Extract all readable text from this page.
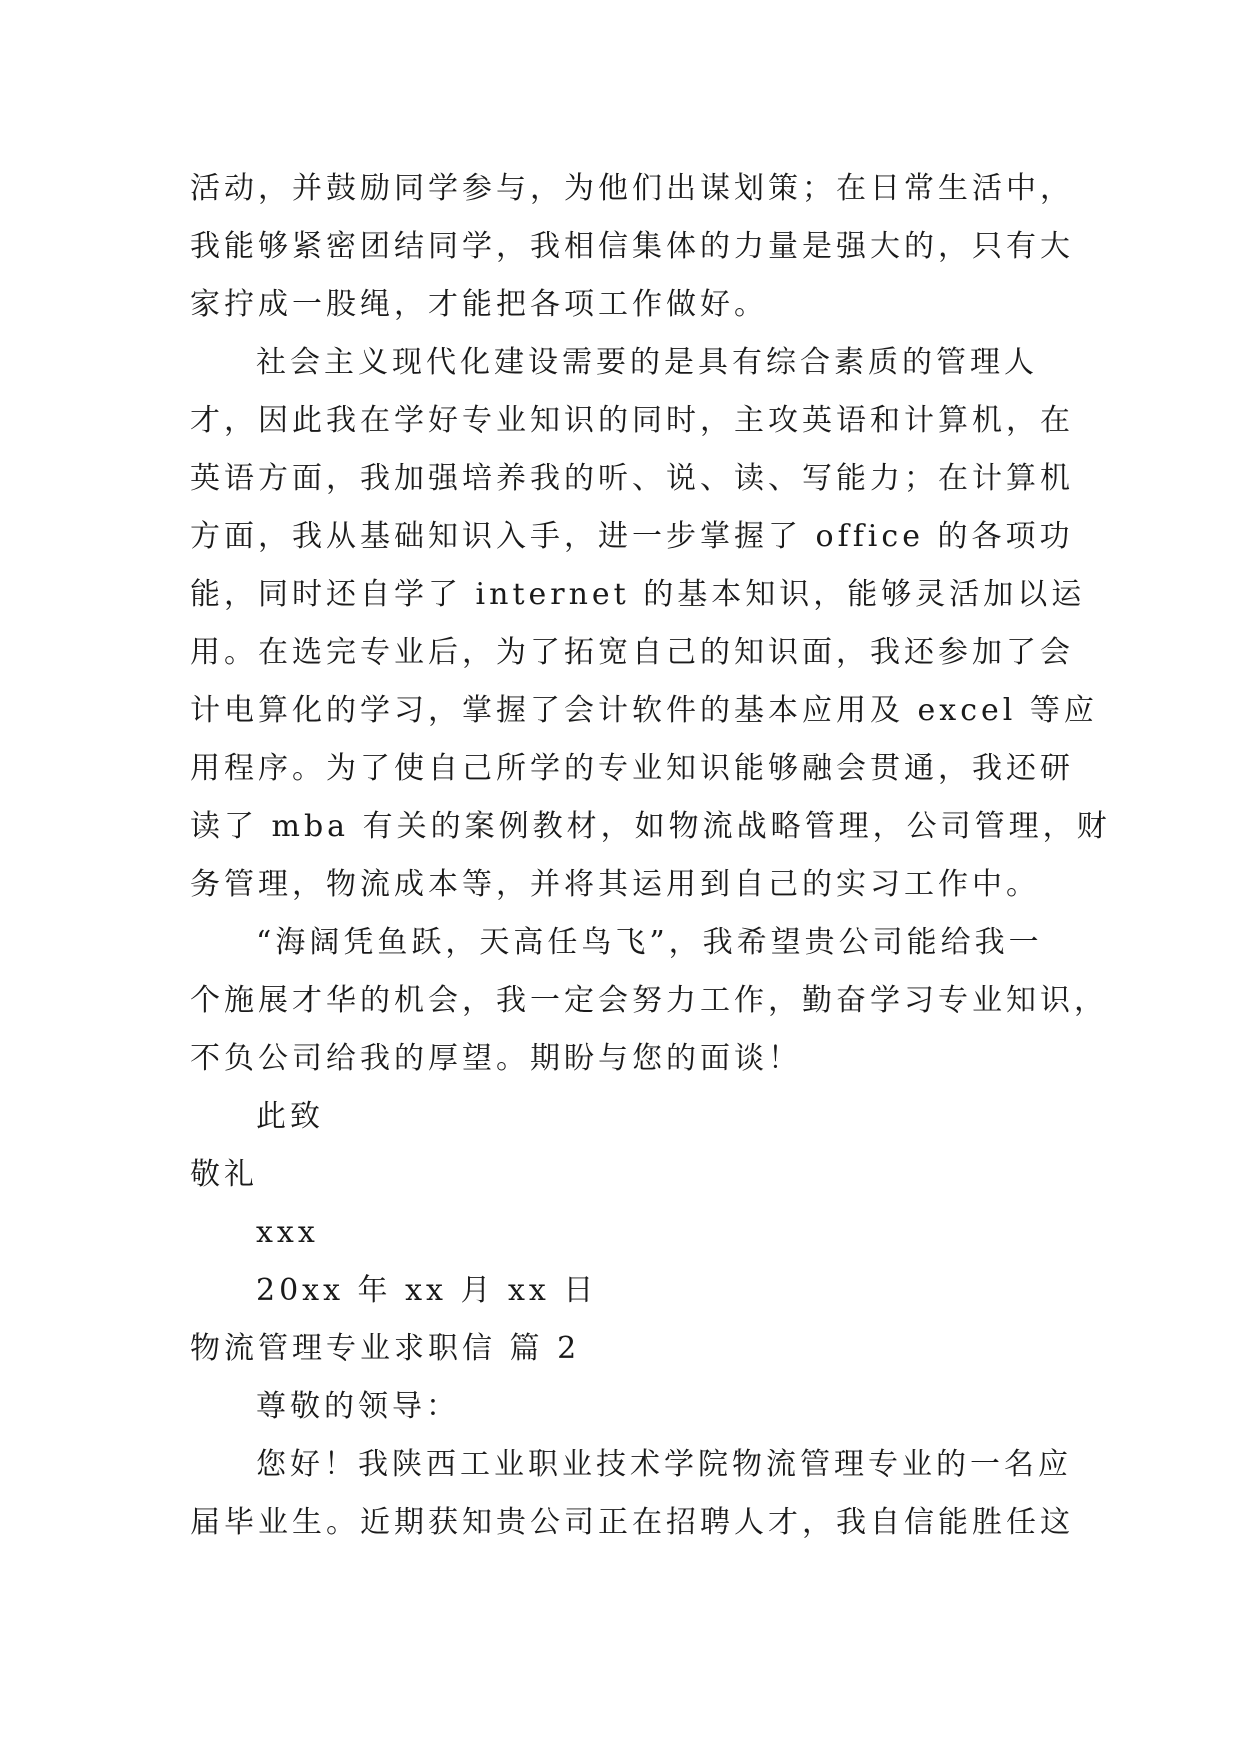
活动，并鼓励同学参与，为他们出谋划策；在日常生活中，
我能够紧密团结同学，我相信集体的力量是强大的，只有大
家拧成一股绳，才能把各项工作做好。
社会主义现代化建设需要的是具有综合素质的管理人
才，因此我在学好专业知识的同时，主攻英语和计算机，在
英语方面，我加强培养我的听、说、读、写能力；在计算机
方面，我从基础知识入手，进一步掌握了 office 的各项功
能，同时还自学了 internet 的基本知识，能够灵活加以运
用。在选完专业后，为了拓宽自己的知识面，我还参加了会
计电算化的学习，掌握了会计软件的基本应用及 excel 等应
用程序。为了使自己所学的专业知识能够融会贯通，我还研
读了 mba 有关的案例教材，如物流战略管理，公司管理，财
务管理，物流成本等，并将其运用到自己的实习工作中。
“海阔凭鱼跃，天高任鸟飞”，我希望贵公司能给我一
个施展才华的机会，我一定会努力工作，勤奋学习专业知识，
不负公司给我的厚望。期盼与您的面谈！
此致
敬礼
xxx
20xx 年 xx 月 xx 日
物流管理专业求职信 篇 2
尊敬的领导：
您好！我陕西工业职业技术学院物流管理专业的一名应
届毕业生。近期获知贵公司正在招聘人才，我自信能胜任这
